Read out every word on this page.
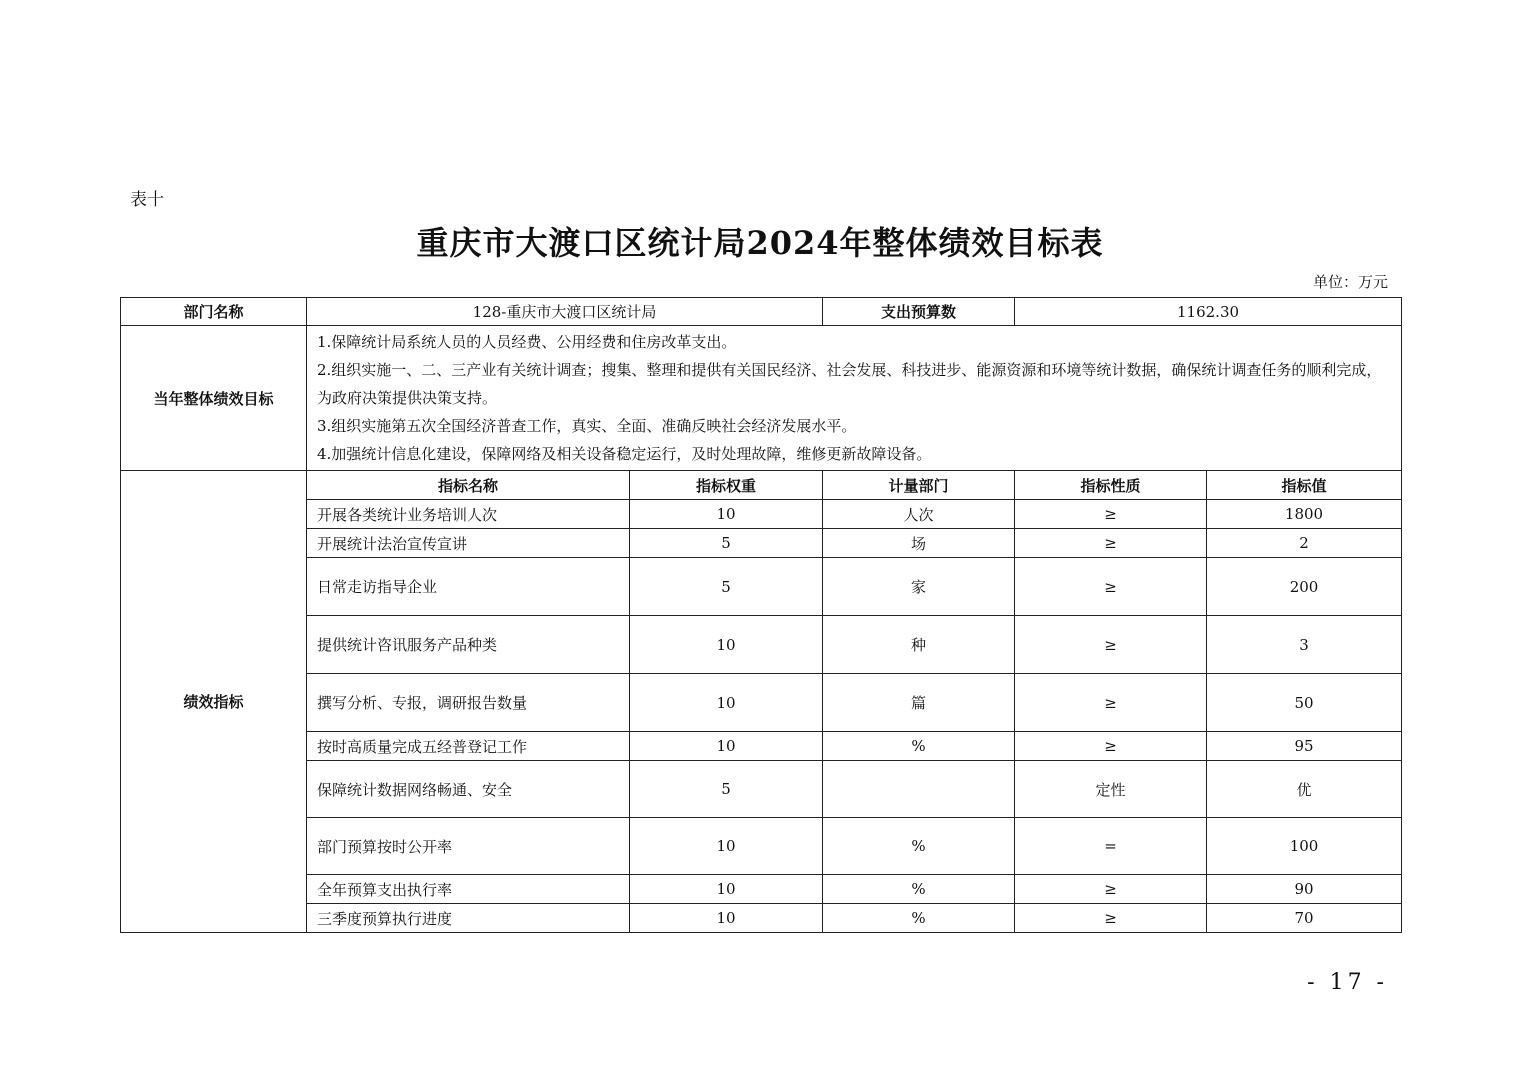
表十
重庆市大渡口区统计局2024年整体绩效目标表
单位：万元
部门名称	128-重庆市大渡口区统计局		支出预算数	1162.30	
当年整体绩效目标	1.保障统计局系统人员的人员经费、公用经费和住房改革支出。
2.组织实施一、二、三产业有关统计调查；搜集、整理和提供有关国民经济、社会发展、科技进步、能源资源和环境等统计数据，确保统计调查任务的顺利完成，为政府决策提供决策支持。
3.组织实施第五次全国经济普查工作，真实、全面、准确反映社会经济发展水平。
4.加强统计信息化建设，保障网络及相关设备稳定运行，及时处理故障，维修更新故障设备。				

绩效指标	指标名称	指标权重	计量部门	指标性质	指标值
	开展各类统计业务培训人次	10	人次	≥	1800
	开展统计法治宣传宣讲	5	场	≥	2
	日常走访指导企业	5	家	≥	200
	提供统计咨讯服务产品种类	10	种	≥	3
	撰写分析、专报，调研报告数量	10	篇	≥	50
	按时高质量完成五经普登记工作	10	%	≥	95
	保障统计数据网络畅通、安全	5		定性	优
	部门预算按时公开率	10	%	=	100
	全年预算支出执行率	10	%	≥	90
	三季度预算执行进度	10	%	≥	70
- 17 -
